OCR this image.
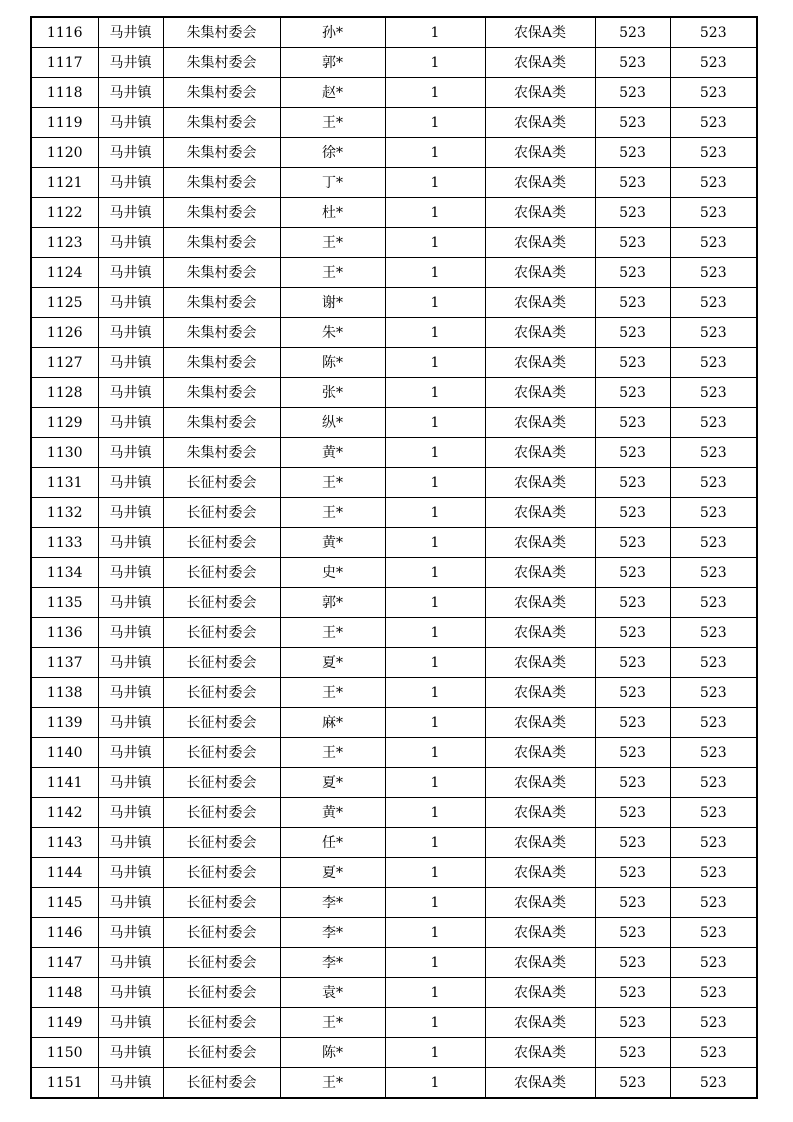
1116	马井镇	朱集村委会	孙*	1	农保A类	523	523
1117	马井镇	朱集村委会	郭*	1	农保A类	523	523
1118	马井镇	朱集村委会	赵*	1	农保A类	523	523
1119	马井镇	朱集村委会	王*	1	农保A类	523	523
1120	马井镇	朱集村委会	徐*	1	农保A类	523	523
1121	马井镇	朱集村委会	丁*	1	农保A类	523	523
1122	马井镇	朱集村委会	杜*	1	农保A类	523	523
1123	马井镇	朱集村委会	王*	1	农保A类	523	523
1124	马井镇	朱集村委会	王*	1	农保A类	523	523
1125	马井镇	朱集村委会	谢*	1	农保A类	523	523
1126	马井镇	朱集村委会	朱*	1	农保A类	523	523
1127	马井镇	朱集村委会	陈*	1	农保A类	523	523
1128	马井镇	朱集村委会	张*	1	农保A类	523	523
1129	马井镇	朱集村委会	纵*	1	农保A类	523	523
1130	马井镇	朱集村委会	黄*	1	农保A类	523	523
1131	马井镇	长征村委会	王*	1	农保A类	523	523
1132	马井镇	长征村委会	王*	1	农保A类	523	523
1133	马井镇	长征村委会	黄*	1	农保A类	523	523
1134	马井镇	长征村委会	史*	1	农保A类	523	523
1135	马井镇	长征村委会	郭*	1	农保A类	523	523
1136	马井镇	长征村委会	王*	1	农保A类	523	523
1137	马井镇	长征村委会	夏*	1	农保A类	523	523
1138	马井镇	长征村委会	王*	1	农保A类	523	523
1139	马井镇	长征村委会	麻*	1	农保A类	523	523
1140	马井镇	长征村委会	王*	1	农保A类	523	523
1141	马井镇	长征村委会	夏*	1	农保A类	523	523
1142	马井镇	长征村委会	黄*	1	农保A类	523	523
1143	马井镇	长征村委会	任*	1	农保A类	523	523
1144	马井镇	长征村委会	夏*	1	农保A类	523	523
1145	马井镇	长征村委会	李*	1	农保A类	523	523
1146	马井镇	长征村委会	李*	1	农保A类	523	523
1147	马井镇	长征村委会	李*	1	农保A类	523	523
1148	马井镇	长征村委会	袁*	1	农保A类	523	523
1149	马井镇	长征村委会	王*	1	农保A类	523	523
1150	马井镇	长征村委会	陈*	1	农保A类	523	523
1151	马井镇	长征村委会	王*	1	农保A类	523	523
